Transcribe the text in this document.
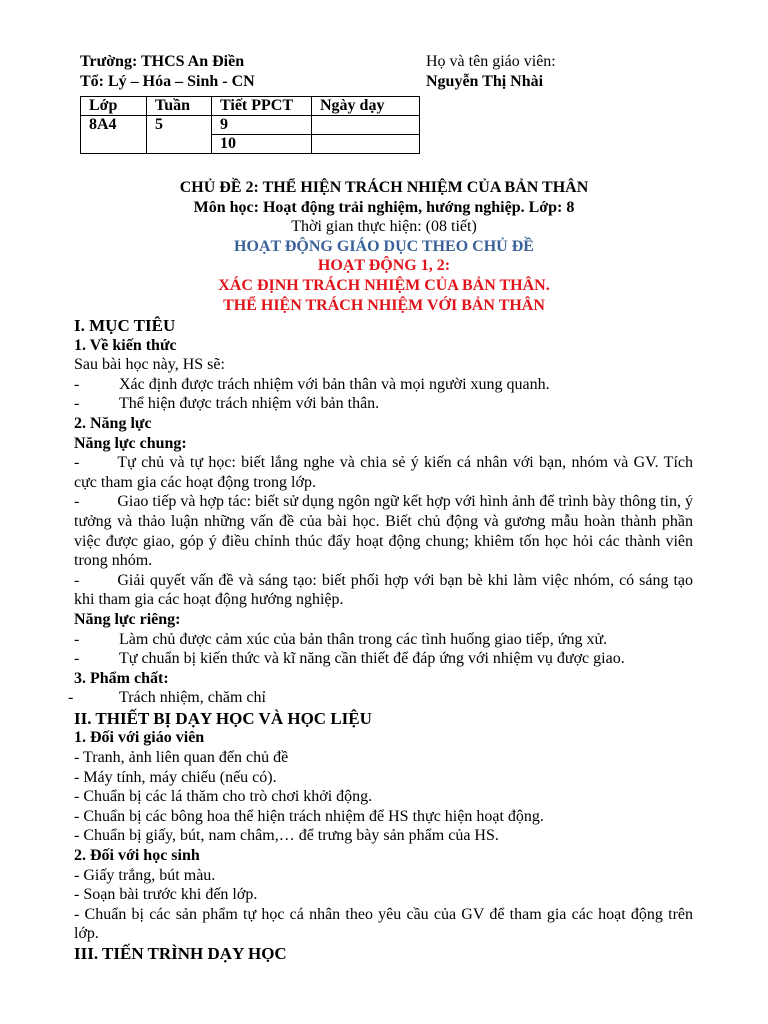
Trường: THCS An Điền
Tổ: Lý – Hóa – Sinh - CN
Họ và tên giáo viên:
Nguyễn Thị Nhài
Lớp	Tuần	Tiết PPCT	Ngày dạy
8A4	5	9	
		10	
CHỦ ĐỀ 2: THỂ HIỆN TRÁCH NHIỆM CỦA BẢN THÂN
Môn học: Hoạt động trải nghiệm, hướng nghiệp. Lớp: 8
Thời gian thực hiện: (08 tiết)
HOẠT ĐỘNG GIÁO DỤC THEO CHỦ ĐỀ
HOẠT ĐỘNG 1, 2:
XÁC ĐỊNH TRÁCH NHIỆM CỦA BẢN THÂN.
THỂ HIỆN TRÁCH NHIỆM VỚI BẢN THÂN

I. MỤC TIÊU

1. Về kiến thức

Sau bài học này, HS sẽ:

-	Xác định được trách nhiệm với bản thân và mọi người xung quanh.
-	Thể hiện được trách nhiệm với bản thân.

2. Năng lực

Năng lực chung:

- Tự chủ và tự học: biết lắng nghe và chia sẻ ý kiến cá nhân với bạn, nhóm và GV. Tích cực tham gia các hoạt động trong lớp.

- Giao tiếp và hợp tác: biết sử dụng ngôn ngữ kết hợp với hình ảnh để trình bày thông tin, ý tưởng và thảo luận những vấn đề của bài học. Biết chủ động và gương mẫu hoàn thành phần việc được giao, góp ý điều chỉnh thúc đẩy hoạt động chung; khiêm tốn học hỏi các thành viên trong nhóm.

- Giải quyết vấn đề và sáng tạo: biết phối hợp với bạn bè khi làm việc nhóm, có sáng tạo khi tham gia các hoạt động hướng nghiệp.

Năng lực riêng:

-	Làm chủ được cảm xúc của bản thân trong các tình huống giao tiếp, ứng xử.
-	Tự chuẩn bị kiến thức và kĩ năng cần thiết để đáp ứng với nhiệm vụ được giao.

3. Phẩm chất:

-	Trách nhiệm, chăm chỉ

II. THIẾT BỊ DẠY HỌC VÀ HỌC LIỆU

1. Đối với giáo viên

- Tranh, ảnh liên quan đến chủ đề

- Máy tính, máy chiếu (nếu có).

- Chuẩn bị các lá thăm cho trò chơi khởi động.

- Chuẩn bị các bông hoa thể hiện trách nhiệm để HS thực hiện hoạt động.

- Chuẩn bị giấy, bút, nam châm,… để trưng bày sản phẩm của HS.

2. Đối với học sinh

- Giấy trắng, bút màu.

- Soạn bài trước khi đến lớp.

- Chuẩn bị các sản phẩm tự học cá nhân theo yêu cầu của GV để tham gia các hoạt động trên lớp.

III. TIẾN TRÌNH DẠY HỌC
